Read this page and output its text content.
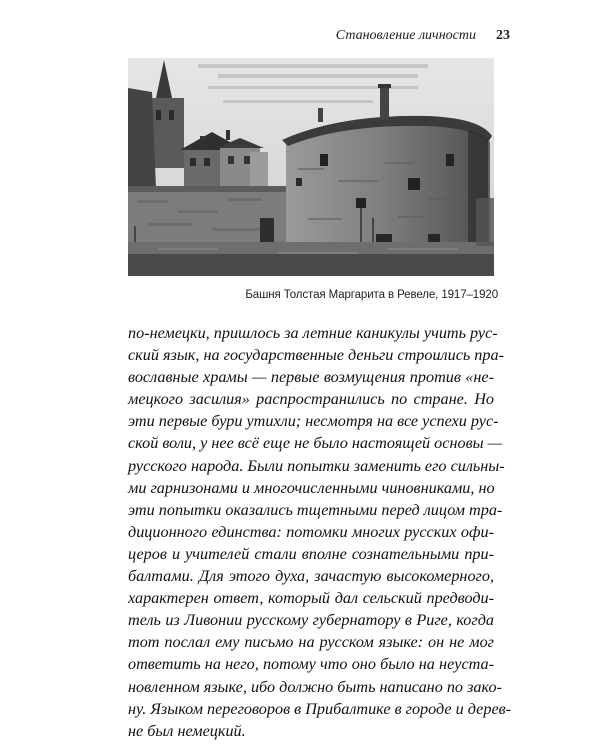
Становление личности 23
Башня Толстая Маргарита в Ревеле, 1917–1920
по-немецки, пришлось за летние каникулы учить рус-
ский язык, на государственные деньги строились пра-
вославные храмы — первые возмущения против «не-
мецкого засилия» распространились по стране. Но
эти первые бури утихли; несмотря на все успехи рус-
ской воли, у нее всё еще не было настоящей основы —
русского народа. Были попытки заменить его сильны-
ми гарнизонами и многочисленными чиновниками, но
эти попытки оказались тщетными перед лицом тра-
диционного единства: потомки многих русских офи-
церов и учителей стали вполне сознательными при-
балтами. Для этого духа, зачастую высокомерного,
характерен ответ, который дал сельский предводи-
тель из Ливонии русскому губернатору в Риге, когда
тот послал ему письмо на русском языке: он не мог
ответить на него, потому что оно было на неуста-
новленном языке, ибо должно быть написано по зако-
ну. Языком переговоров в Прибалтике в городе и дерев-
не был немецкий.
